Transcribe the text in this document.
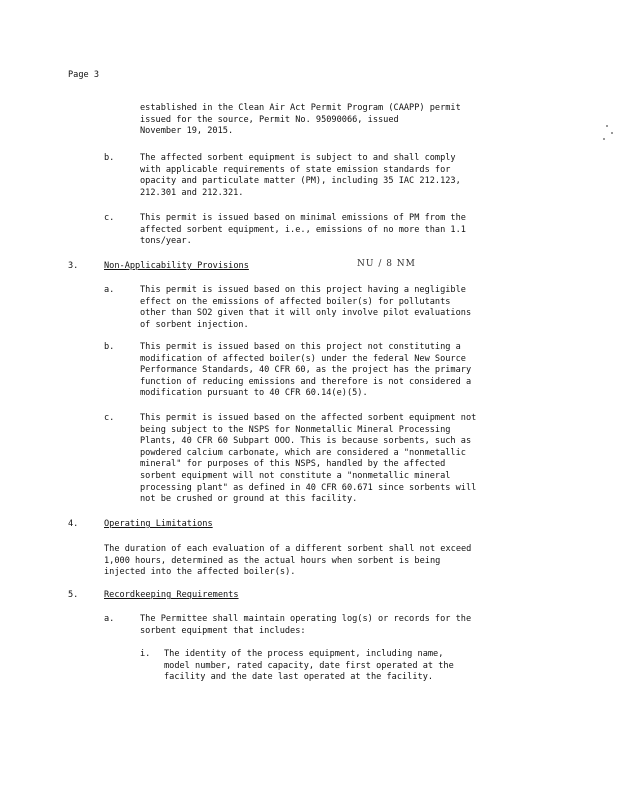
Page 3
established in the Clean Air Act Permit Program (CAAPP) permit
issued for the source, Permit No. 95090066, issued
November 19, 2015.
b.	The affected sorbent equipment is subject to and shall comply
with applicable requirements of state emission standards for
opacity and particulate matter (PM), including 35 IAC 212.123,
212.301 and 212.321.
c.	This permit is issued based on minimal emissions of PM from the
affected sorbent equipment, i.e., emissions of no more than 1.1
tons/year.
3.	Non-Applicability Provisions	NU / 8 NM
a.	This permit is issued based on this project having a negligible
effect on the emissions of affected boiler(s) for pollutants
other than SO2 given that it will only involve pilot evaluations
of sorbent injection.
b.	This permit is issued based on this project not constituting a
modification of affected boiler(s) under the federal New Source
Performance Standards, 40 CFR 60, as the project has the primary
function of reducing emissions and therefore is not considered a
modification pursuant to 40 CFR 60.14(e)(5).
c.	This permit is issued based on the affected sorbent equipment not
being subject to the NSPS for Nonmetallic Mineral Processing
Plants, 40 CFR 60 Subpart OOO. This is because sorbents, such as
powdered calcium carbonate, which are considered a "nonmetallic
mineral" for purposes of this NSPS, handled by the affected
sorbent equipment will not constitute a "nonmetallic mineral
processing plant" as defined in 40 CFR 60.671 since sorbents will
not be crushed or ground at this facility.
4.	Operating Limitations
The duration of each evaluation of a different sorbent shall not exceed
1,000 hours, determined as the actual hours when sorbent is being
injected into the affected boiler(s).
5.	Recordkeeping Requirements
a.	The Permittee shall maintain operating log(s) or records for the
sorbent equipment that includes:
i. The identity of the process equipment, including name,
model number, rated capacity, date first operated at the
facility and the date last operated at the facility.
